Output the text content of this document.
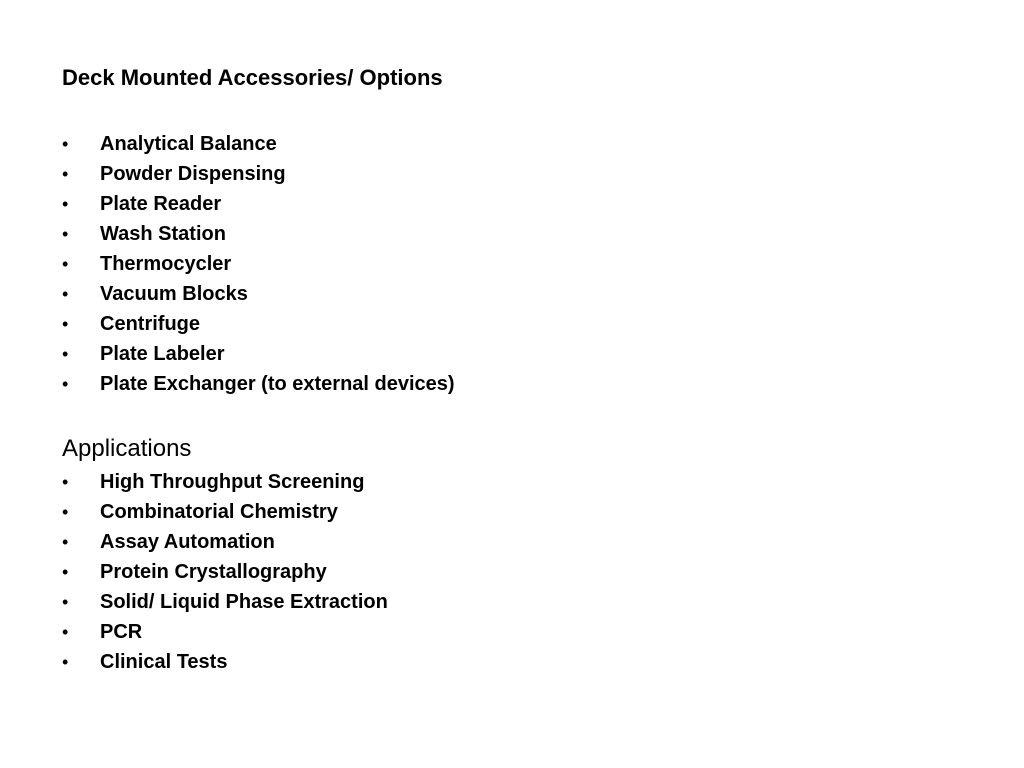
Deck Mounted Accessories/ Options
•	Analytical Balance
•	Powder Dispensing
•	Plate Reader
•	Wash Station
•	Thermocycler
•	Vacuum Blocks
•	Centrifuge
•	Plate Labeler
•	Plate Exchanger (to external devices)
Applications
•	High Throughput Screening
•	Combinatorial Chemistry
•	Assay Automation
•	Protein Crystallography
•	Solid/ Liquid Phase Extraction
•	PCR
•	Clinical Tests
